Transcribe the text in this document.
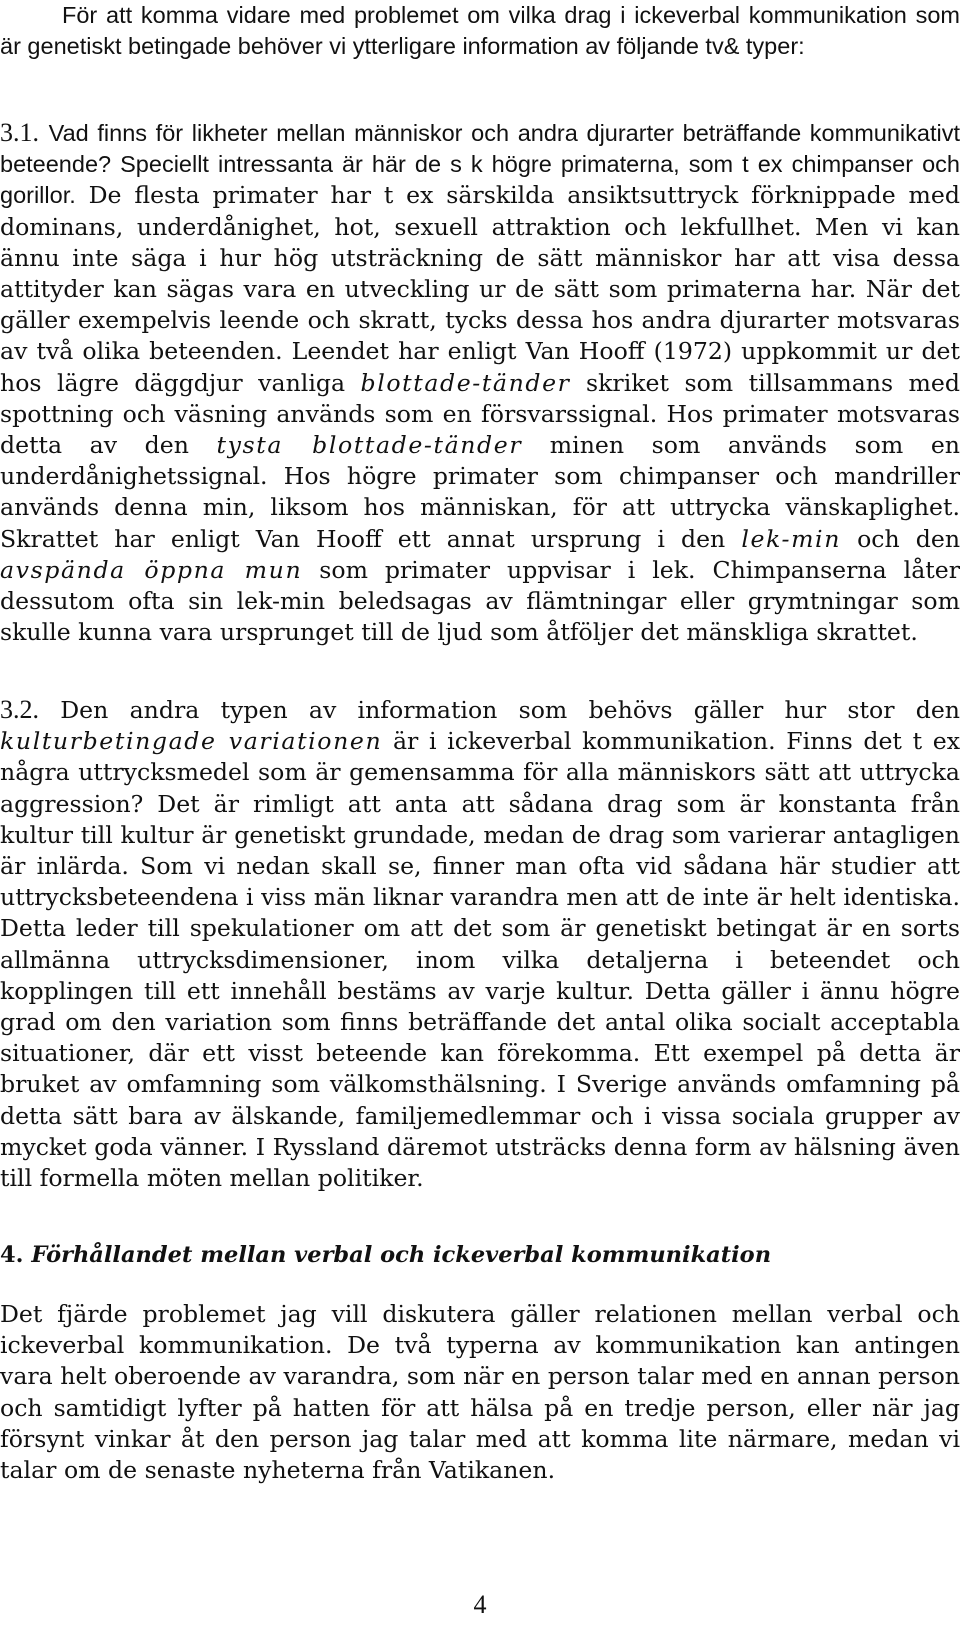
För att komma vidare med problemet om vilka drag i ickeverbal kommunikation som är genetiskt betingade behöver vi ytterligare information av följande tv& typer:

3.1. Vad finns för likheter mellan människor och andra djurarter beträffande kommunikativt beteende? Speciellt intressanta är här de s k högre primaterna, som t ex chimpanser och gorillor. De flesta primater har t ex särskilda ansiktsuttryck förknippade med dominans, underdånighet, hot, sexuell attraktion och lekfullhet. Men vi kan ännu inte säga i hur hög utsträckning de sätt människor har att visa dessa attityder kan sägas vara en utveckling ur de sätt som primaterna har. När det gäller exempelvis leende och skratt, tycks dessa hos andra djurarter motsvaras av två olika beteenden. Leendet har enligt Van Hooff (1972) uppkommit ur det hos lägre däggdjur vanliga blottade-tänder skriket som tillsammans med spottning och väsning används som en försvarssignal. Hos primater motsvaras detta av den tysta blottade-tänder minen som används som en underdånighetssignal. Hos högre primater som chimpanser och mandriller används denna min, liksom hos människan, för att uttrycka vänskaplighet. Skrattet har enligt Van Hooff ett annat ursprung i den lek-min och den avspända öppna mun som primater uppvisar i lek. Chimpanserna låter dessutom ofta sin lek-min beledsagas av flämtningar eller grymtningar som skulle kunna vara ursprunget till de ljud som åtföljer det mänskliga skrattet.

3.2. Den andra typen av information som behövs gäller hur stor den kulturbetingade variationen är i ickeverbal kommunikation. Finns det t ex några uttrycksmedel som är gemensamma för alla människors sätt att uttrycka aggression? Det är rimligt att anta att sådana drag som är konstanta från kultur till kultur är genetiskt grundade, medan de drag som varierar antagligen är inlärda. Som vi nedan skall se, finner man ofta vid sådana här studier att uttrycksbeteendena i viss män liknar varandra men att de inte är helt identiska. Detta leder till spekulationer om att det som är genetiskt betingat är en sorts allmänna uttrycksdimensioner, inom vilka detaljerna i beteendet och kopplingen till ett innehåll bestäms av varje kultur. Detta gäller i ännu högre grad om den variation som finns beträffande det antal olika socialt acceptabla situationer, där ett visst beteende kan förekomma. Ett exempel på detta är bruket av omfamning som välkomsthälsning. I Sverige används omfamning på detta sätt bara av älskande, familjemedlemmar och i vissa sociala grupper av mycket goda vänner. I Ryssland däremot utsträcks denna form av hälsning även till formella möten mellan politiker.

4. Förhållandet mellan verbal och ickeverbal kommunikation

Det fjärde problemet jag vill diskutera gäller relationen mellan verbal och ickeverbal kommunikation. De två typerna av kommunikation kan antingen vara helt oberoende av varandra, som när en person talar med en annan person och samtidigt lyfter på hatten för att hälsa på en tredje person, eller när jag försynt vinkar åt den person jag talar med att komma lite närmare, medan vi talar om de senaste nyheterna från Vatikanen.

4
